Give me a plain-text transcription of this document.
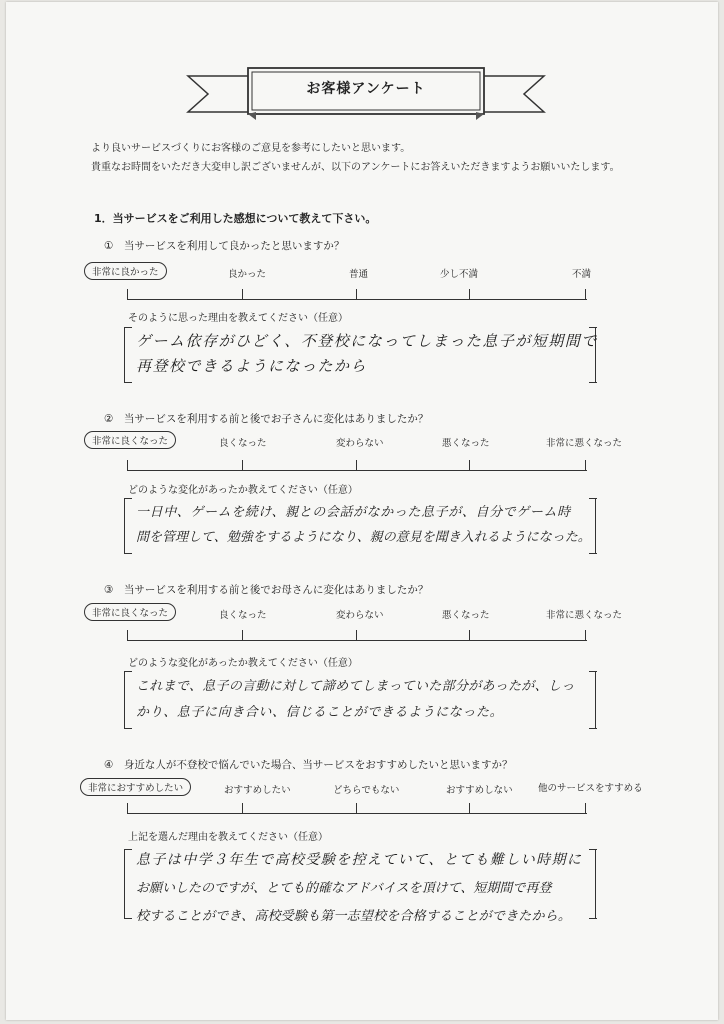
お客様アンケート
より良いサービスづくりにお客様のご意見を参考にしたいと思います。
貴重なお時間をいただき大変申し訳ございませんが、以下のアンケートにお答えいただきますようお願いいたします。
1．当サービスをご利用した感想について教えて下さい。
①　当サービスを利用して良かったと思いますか？
非常に良かった	良かった	普通	少し不満	不満
そのように思った理由を教えてください（任意）
ゲーム依存がひどく、不登校になってしまった息子が短期間で
再登校できるようになったから
②　当サービスを利用する前と後でお子さんに変化はありましたか？
非常に良くなった	良くなった	変わらない	悪くなった	非常に悪くなった
どのような変化があったか教えてください（任意）
一日中、ゲームを続け、親との会話がなかった息子が、自分でゲーム時
間を管理して、勉強をするようになり、親の意見を聞き入れるようになった。
③　当サービスを利用する前と後でお母さんに変化はありましたか？
非常に良くなった	良くなった	変わらない	悪くなった	非常に悪くなった
どのような変化があったか教えてください（任意）
これまで、息子の言動に対して諦めてしまっていた部分があったが、しっ
かり、息子に向き合い、信じることができるようになった。
④　身近な人が不登校で悩んでいた場合、当サービスをおすすめしたいと思いますか？
非常におすすめしたい	おすすめしたい	どちらでもない	おすすめしない	他のサービスをすすめる
上記を選んだ理由を教えてください（任意）
息子は中学３年生で高校受験を控えていて、とても難しい時期に
お願いしたのですが、とても的確なアドバイスを頂けて、短期間で再登
校することができ、高校受験も第一志望校を合格することができたから。
